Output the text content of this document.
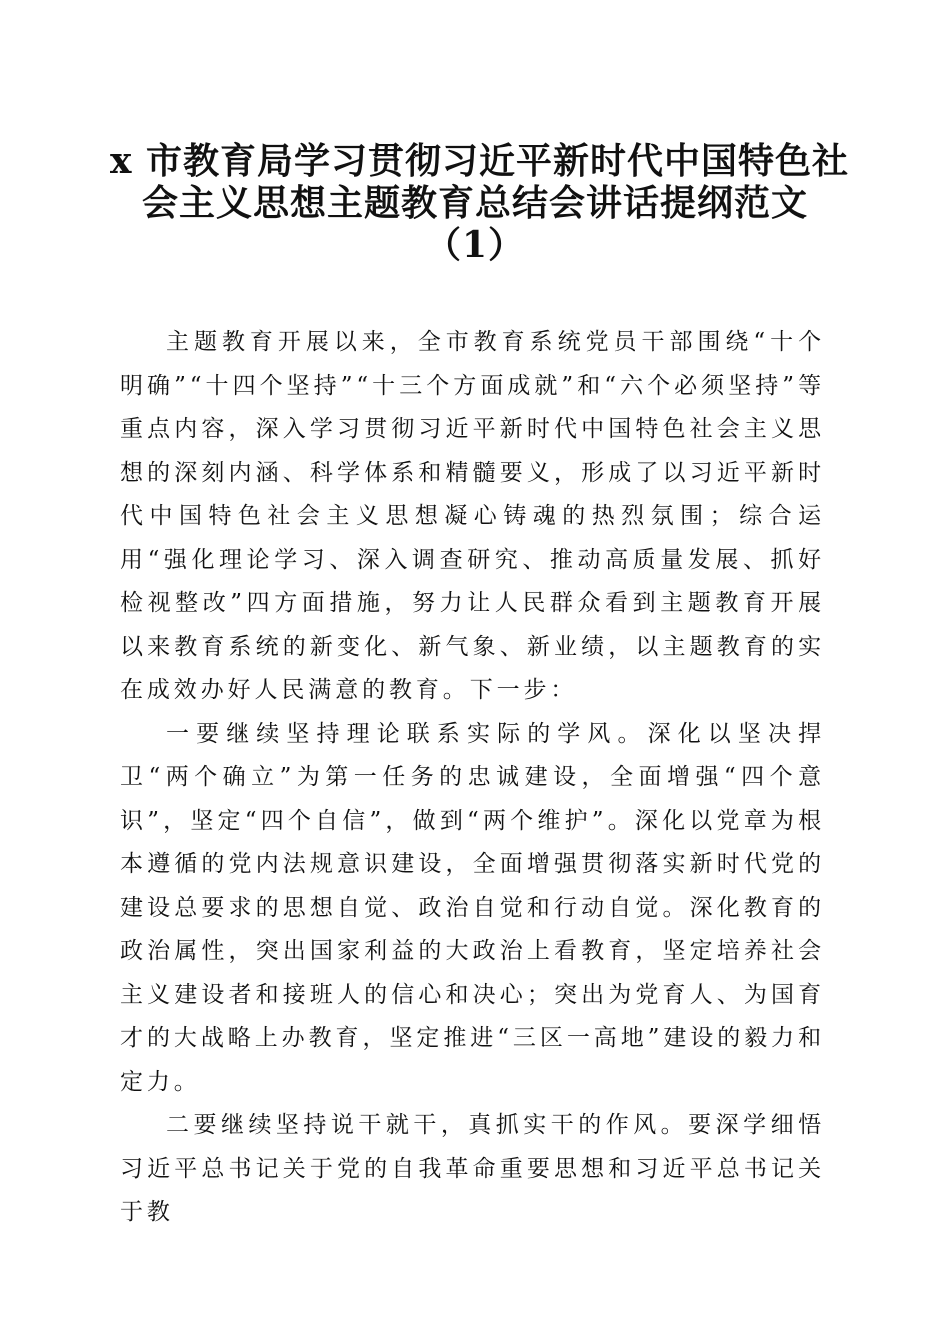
x 市教育局学习贯彻习近平新时代中国特色社
会主义思想主题教育总结会讲话提纲范文
（1）

主题教育开展以来，全市教育系统党员干部围绕“十个明确”“十四个坚持”“十三个方面成就”和“六个必须坚持”等重点内容，深入学习贯彻习近平新时代中国特色社会主义思想的深刻内涵、科学体系和精髓要义，形成了以习近平新时代中国特色社会主义思想凝心铸魂的热烈氛围；综合运用“强化理论学习、深入调查研究、推动高质量发展、抓好检视整改”四方面措施，努力让人民群众看到主题教育开展以来教育系统的新变化、新气象、新业绩，以主题教育的实在成效办好人民满意的教育。下一步：

一要继续坚持理论联系实际的学风。深化以坚决捍卫“两个确立”为第一任务的忠诚建设，全面增强“四个意识”，坚定“四个自信”，做到“两个维护”。深化以党章为根本遵循的党内法规意识建设，全面增强贯彻落实新时代党的建设总要求的思想自觉、政治自觉和行动自觉。深化教育的政治属性，突出国家利益的大政治上看教育，坚定培养社会主义建设者和接班人的信心和决心；突出为党育人、为国育才的大战略上办教育，坚定推进“三区一高地”建设的毅力和定力。

二要继续坚持说干就干，真抓实干的作风。要深学细悟习近平总书记关于党的自我革命重要思想和习近平总书记关于教
